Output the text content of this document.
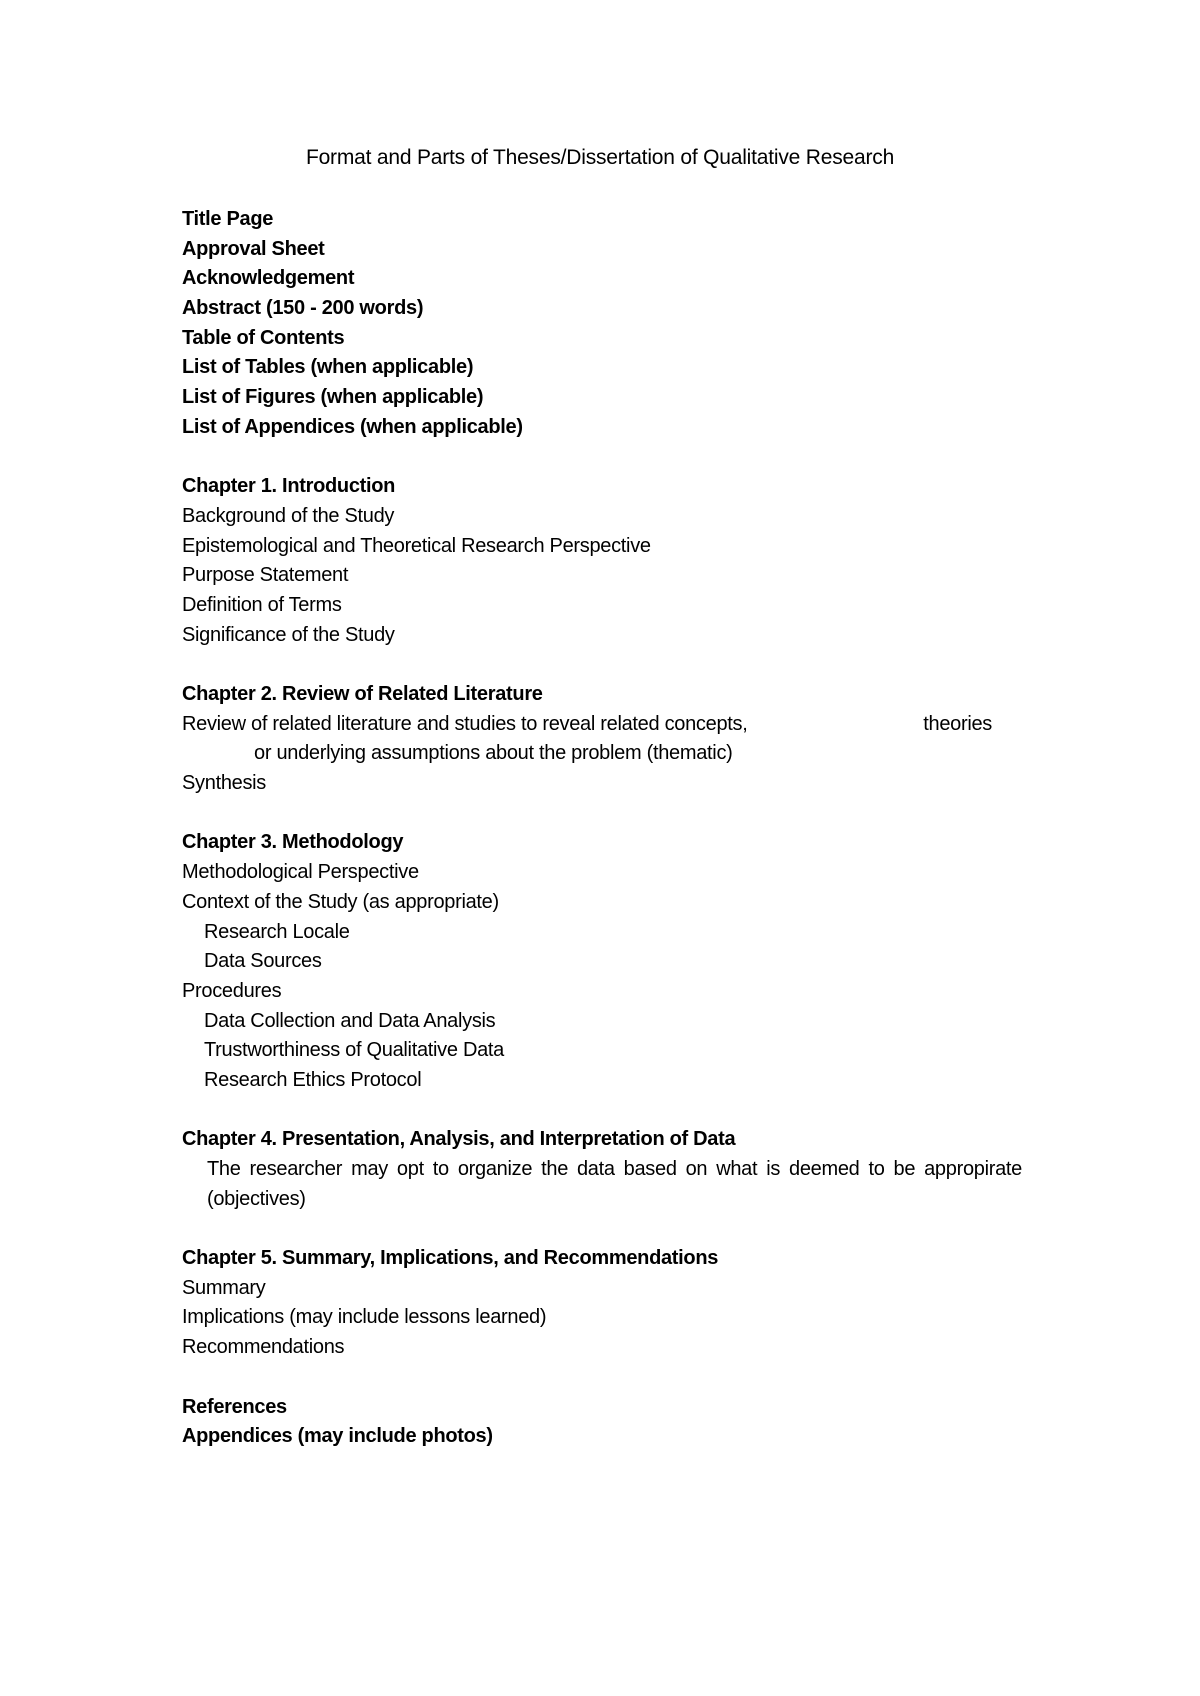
Format and Parts of Theses/Dissertation of Qualitative Research
Title Page
Approval Sheet
Acknowledgement
Abstract (150 - 200 words)
Table of Contents
List of Tables (when applicable)
List of Figures (when applicable)
List of Appendices (when applicable)
Chapter 1. Introduction
Background of the Study
Epistemological and Theoretical Research Perspective
Purpose Statement
Definition of Terms
Significance of the Study
Chapter 2. Review of Related Literature
Review of related literature and studies to reveal related concepts,	theories
or underlying assumptions about the problem (thematic)
Synthesis
Chapter 3. Methodology
Methodological Perspective
Context of the Study (as appropriate)
Research Locale
Data Sources
Procedures
Data Collection and Data Analysis
Trustworthiness of Qualitative Data
Research Ethics Protocol
Chapter 4. Presentation, Analysis, and Interpretation of Data
The researcher may opt to organize the data based on what is deemed to be appropirate (objectives)
Chapter 5. Summary, Implications, and Recommendations
Summary
Implications (may include lessons learned)
Recommendations
References
Appendices (may include photos)
